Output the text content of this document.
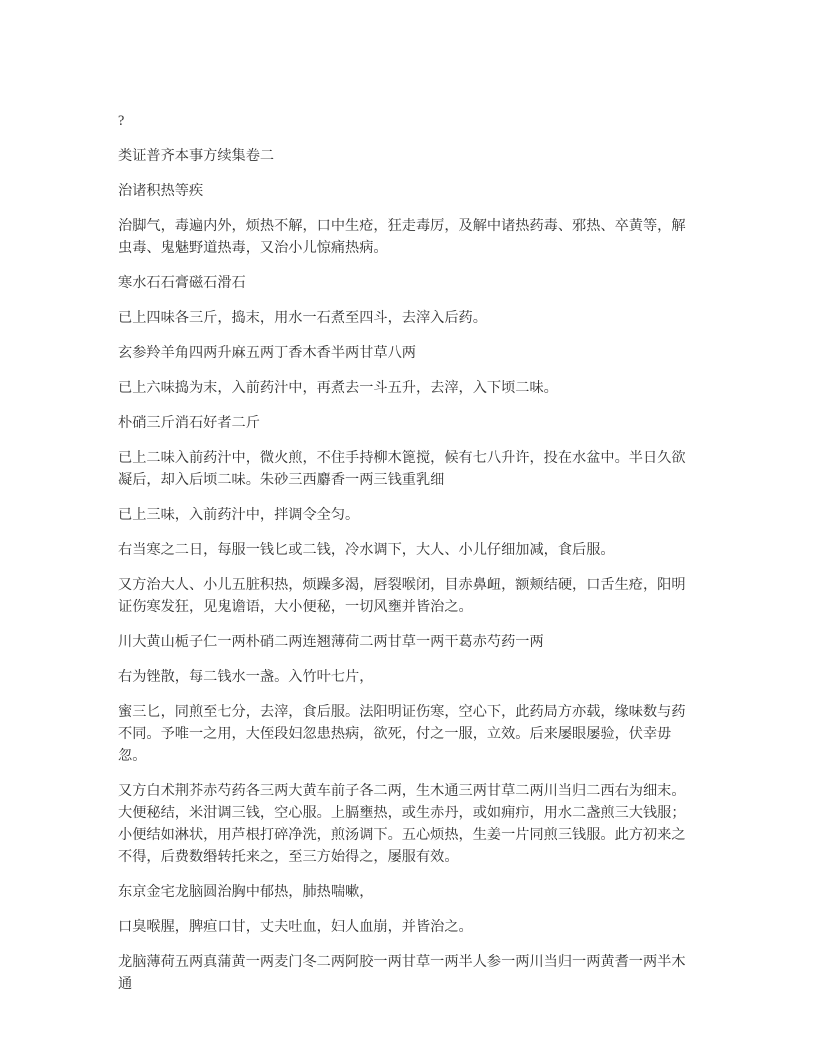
?

类证普齐本事方续集卷二

治诸积热等疾

治脚气，毒遍内外，烦热不解，口中生疮，狂走毒厉，及解中诸热药毒、邪热、卒黄等，解虫毒、鬼魅野道热毒，又治小儿惊痛热病。

寒水石石膏磁石滑石

已上四味各三斤，捣末，用水一石煮至四斗，去滓入后药。

玄参羚羊角四两升麻五两丁香木香半两甘草八两

已上六味捣为末，入前药汁中，再煮去一斗五升，去滓，入下顷二味。

朴硝三斤消石好者二斤

已上二味入前药汁中，微火煎，不住手持柳木篦搅，候有七八升许，投在水盆中。半日久欲凝后，却入后顷二味。朱砂三西麝香一两三钱重乳细

已上三味，入前药汁中，拌调令全匀。

右当寒之二日，每服一钱匕或二钱，冷水调下，大人、小儿仔细加减，食后服。

又方治大人、小儿五脏积热，烦躁多渴，唇裂喉闭，目赤鼻衄，额颊结硬，口舌生疮，阳明证伤寒发狂，见鬼谵语，大小便秘，一切风壅并皆治之。

川大黄山栀子仁一两朴硝二两连翘薄荷二两甘草一两干葛赤芍药一两

右为锉散，每二钱水一盏。入竹叶七片，

蜜三匕，同煎至七分，去滓，食后服。法阳明证伤寒，空心下，此药局方亦载，缘味数与药不同。予唯一之用，大侄段妇忽患热病，欲死，付之一服，立效。后来屡眼屡验，伏幸毋忽。

又方白术荆芥赤芍药各三两大黄车前子各二两，生木通三两甘草二两川当归二西右为细末。大便秘结，米泔调三钱，空心服。上膈壅热，或生赤丹，或如痈疖，用水二盏煎三大钱服；小便结如淋状，用芦根打碎净洗，煎汤调下。五心烦热，生姜一片同煎三钱服。此方初来之不得，后费数缗转托来之，至三方始得之，屡服有效。

东京金宅龙脑圆治胸中郁热，肺热喘嗽，

口臭喉腥，脾疸口甘，丈夫吐血，妇人血崩，并皆治之。

龙脑薄荷五两真蒲黄一两麦门冬二两阿胶一两甘草一两半人参一两川当归一两黄耆一两半木通
